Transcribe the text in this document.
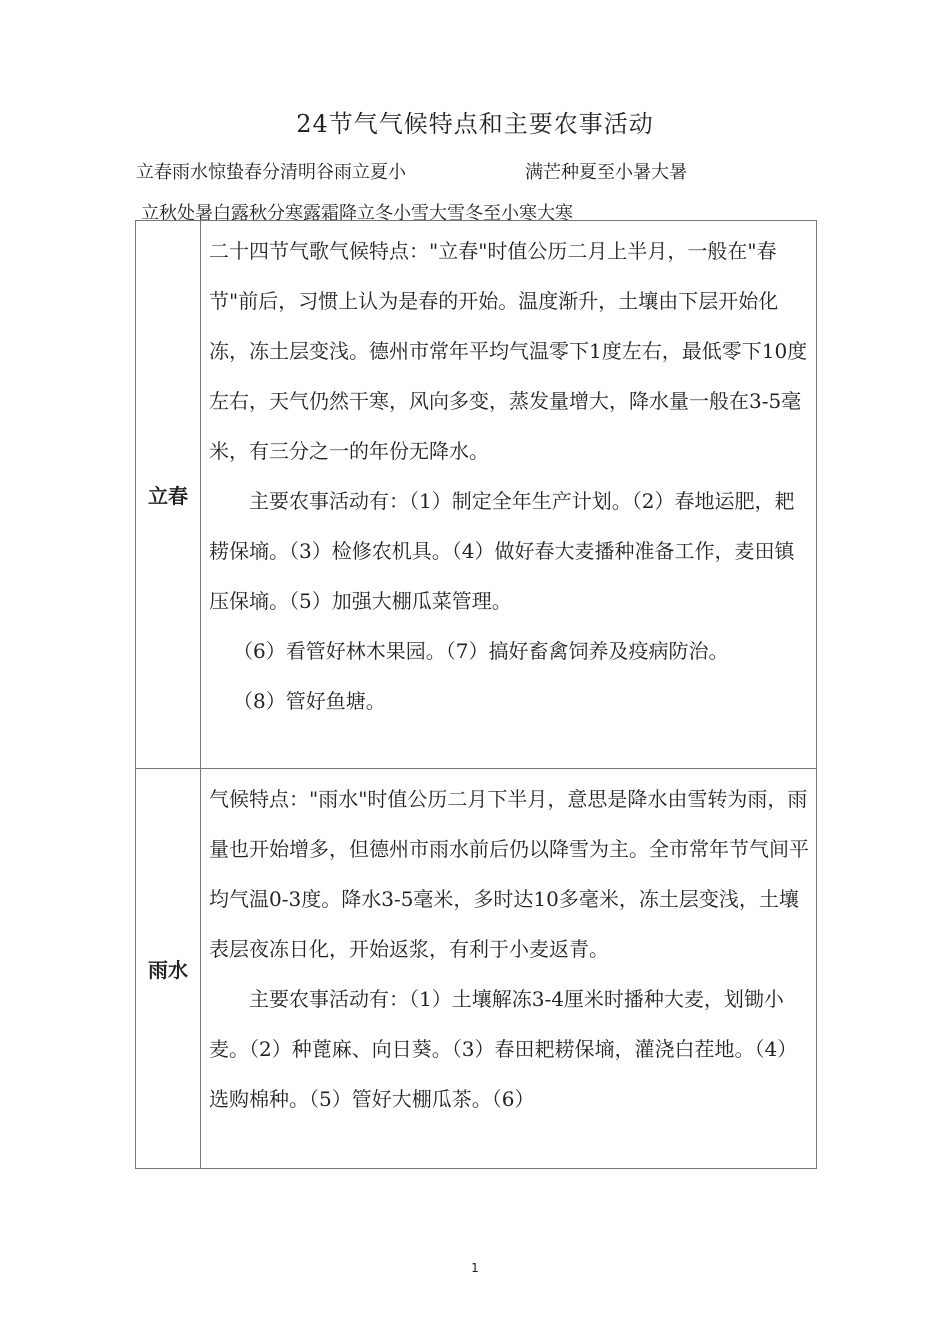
24节气气候特点和主要农事活动
立春雨水惊蛰春分清明谷雨立夏小	满芒种夏至小暑大暑
立秋处暑白露秋分寒露霜降立冬小雪大雪冬至小寒大寒
立春	二十四节气歌气候特点："立春"时值公历二月上半月，一般在"春节"前后，习惯上认为是春的开始。温度渐升，土壤由下层开始化冻，冻土层变浅。德州市常年平均气温零下1度左右，最低零下10度左右，天气仍然干寒，风向多变，蒸发量增大，降水量一般在3-5毫米，有三分之一的年份无降水。

主要农事活动有：（1）制定全年生产计划。（2）春地运肥，耙耢保墒。（3）检修农机具。（4）做好春大麦播种准备工作，麦田镇压保墒。（5）加强大棚瓜菜管理。

（6）看管好林木果园。（7）搞好畜禽饲养及疫病防治。

（8）管好鱼塘。

雨水	气候特点："雨水"时值公历二月下半月，意思是降水由雪转为雨，雨量也开始增多，但德州市雨水前后仍以降雪为主。全市常年节气间平均气温0-3度。降水3-5毫米，多时达10多毫米，冻土层变浅，土壤表层夜冻日化，开始返浆，有利于小麦返青。

主要农事活动有：（1）土壤解冻3-4厘米时播种大麦，划锄小麦。（2）种蓖麻、向日葵。（3）春田耙耢保墒，灌浇白茬地。（4）选购棉种。（5）管好大棚瓜茶。（6）

1
